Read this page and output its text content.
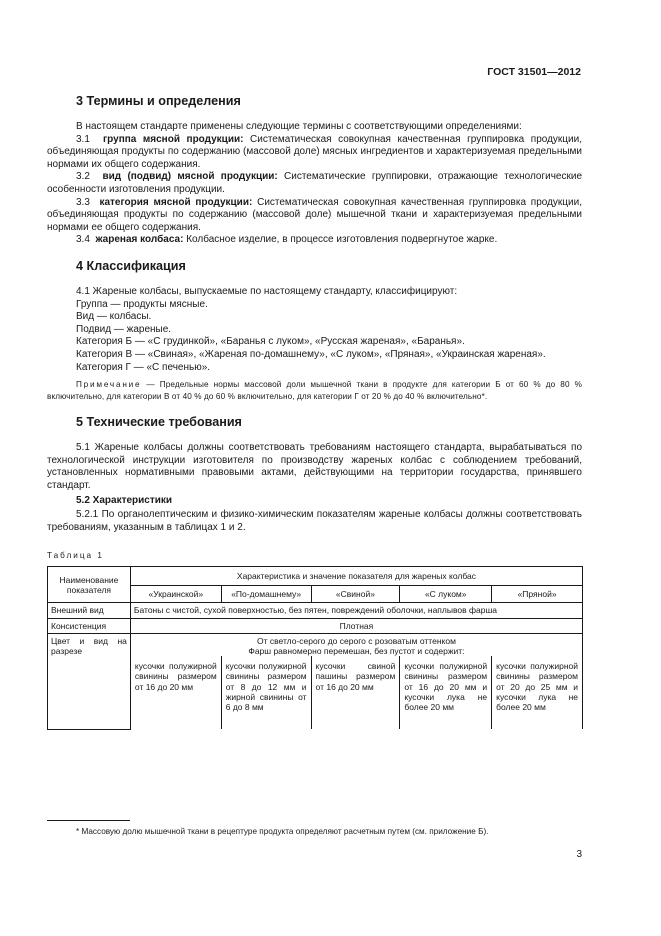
ГОСТ 31501—2012
3 Термины и определения

В настоящем стандарте применены следующие термины с соответствующими определениями:

3.1 группа мясной продукции: Систематическая совокупная качественная группировка продукции, объединяющая продукты по содержанию (массовой доле) мясных ингредиентов и характеризуемая предельными нормами их общего содержания.

3.2 вид (подвид) мясной продукции: Систематические группировки, отражающие технологические особенности изготовления продукции.

3.3 категория мясной продукции: Систематическая совокупная качественная группировка продукции, объединяющая продукты по содержанию (массовой доле) мышечной ткани и характеризуемая предельными нормами ее общего содержания.

3.4 жареная колбаса: Колбасное изделие, в процессе изготовления подвергнутое жарке.

4 Классификация

4.1 Жареные колбасы, выпускаемые по настоящему стандарту, классифицируют:

Группа — продукты мясные.

Вид — колбасы.

Подвид — жареные.

Категория Б — «С грудинкой», «Баранья с луком», «Русская жареная», «Баранья».

Категория В — «Свиная», «Жареная по-домашнему», «С луком», «Пряная», «Украинская жареная».

Категория Г — «С печенью».

Примечание — Предельные нормы массовой доли мышечной ткани в продукте для категории Б от 60 % до 80 % включительно, для категории В от 40 % до 60 % включительно, для категории Г от 20 % до 40 % включительно*.

5 Технические требования

5.1 Жареные колбасы должны соответствовать требованиям настоящего стандарта, вырабатываться по технологической инструкции изготовителя по производству жареных колбас с соблюдением требований, установленных нормативными правовыми актами, действующими на территории государства, принявшего стандарт.

5.2 Характеристики

5.2.1 По органолептическим и физико-химическим показателям жареные колбасы должны соответствовать требованиям, указанным в таблицах 1 и 2.

Таблица 1
Наименование показателя	Характеристика и значение показателя для жареных колбас				
	«Украинской»	«По-домашнему»	«Свиной»	«С луком»	«Пряной»
Внешний вид	Батоны с чистой, сухой поверхностью, без пятен, повреждений оболочки, наплывов фарша				
Консистенция	Плотная				
Цвет и вид на разрезе	От светло-серого до серого с розоватым оттенком
Фарш равномерно перемешан, без пустот и содержит:				

	кусочки полужирной свинины размером от 16 до 20 мм	кусочки полужирной свинины размером от 8 до 12 мм и жирной свинины от 6 до 8 мм	кусочки свиной пашины размером от 16 до 20 мм	кусочки полужирной свинины размером от 16 до 20 мм и кусочки лука не более 20 мм	кусочки полужирной свинины размером от 20 до 25 мм и кусочки лука не более 20 мм
* Массовую долю мышечной ткани в рецептуре продукта определяют расчетным путем (см. приложение Б).
3
